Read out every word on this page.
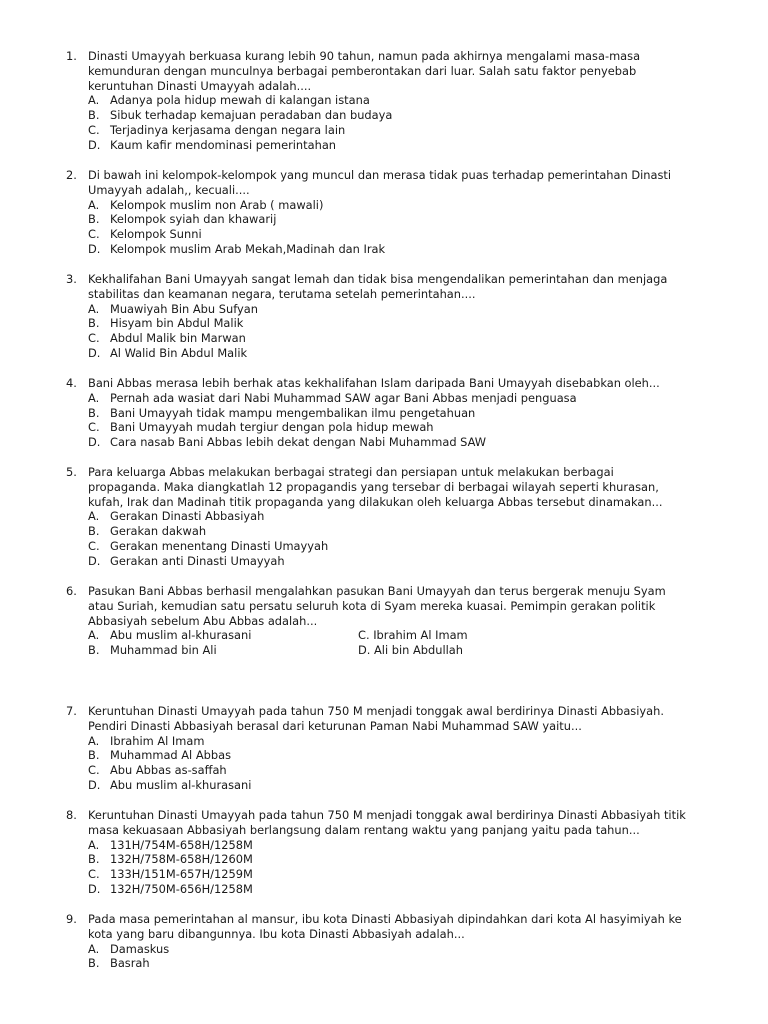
1. Dinasti Umayyah berkuasa kurang lebih 90 tahun, namun pada akhirnya mengalami masa-masa
kemunduran dengan munculnya berbagai pemberontakan dari luar. Salah satu faktor penyebab
keruntuhan Dinasti Umayyah adalah....
A. Adanya pola hidup mewah di kalangan istana
B. Sibuk terhadap kemajuan peradaban dan budaya
C. Terjadinya kerjasama dengan negara lain
D. Kaum kafir mendominasi pemerintahan
2. Di bawah ini kelompok-kelompok yang muncul dan merasa tidak puas terhadap pemerintahan Dinasti
Umayyah adalah,, kecuali....
A. Kelompok muslim non Arab ( mawali)
B. Kelompok syiah dan khawarij
C. Kelompok Sunni
D. Kelompok muslim Arab Mekah,Madinah dan Irak
3. Kekhalifahan Bani Umayyah sangat lemah dan tidak bisa mengendalikan pemerintahan dan menjaga
stabilitas dan keamanan negara, terutama setelah pemerintahan....
A. Muawiyah Bin Abu Sufyan
B. Hisyam bin Abdul Malik
C. Abdul Malik bin Marwan
D. Al Walid Bin Abdul Malik
4. Bani Abbas merasa lebih berhak atas kekhalifahan Islam daripada Bani Umayyah disebabkan oleh...
A. Pernah ada wasiat dari Nabi Muhammad SAW agar Bani Abbas menjadi penguasa
B. Bani Umayyah tidak mampu mengembalikan ilmu pengetahuan
C. Bani Umayyah mudah tergiur dengan pola hidup mewah
D. Cara nasab Bani Abbas lebih dekat dengan Nabi Muhammad SAW
5. Para keluarga Abbas melakukan berbagai strategi dan persiapan untuk melakukan berbagai
propaganda. Maka diangkatlah 12 propagandis yang tersebar di berbagai wilayah seperti khurasan,
kufah, Irak dan Madinah titik propaganda yang dilakukan oleh keluarga Abbas tersebut dinamakan...
A. Gerakan Dinasti Abbasiyah
B. Gerakan dakwah
C. Gerakan menentang Dinasti Umayyah
D. Gerakan anti Dinasti Umayyah
6. Pasukan Bani Abbas berhasil mengalahkan pasukan Bani Umayyah dan terus bergerak menuju Syam
atau Suriah, kemudian satu persatu seluruh kota di Syam mereka kuasai. Pemimpin gerakan politik
Abbasiyah sebelum Abu Abbas adalah...
A. Abu muslim al-khurasani	C. Ibrahim Al Imam
B. Muhammad bin Ali	D. Ali bin Abdullah
7. Keruntuhan Dinasti Umayyah pada tahun 750 M menjadi tonggak awal berdirinya Dinasti Abbasiyah.
Pendiri Dinasti Abbasiyah berasal dari keturunan Paman Nabi Muhammad SAW yaitu...
A. Ibrahim Al Imam
B. Muhammad Al Abbas
C. Abu Abbas as-saffah
D. Abu muslim al-khurasani
8. Keruntuhan Dinasti Umayyah pada tahun 750 M menjadi tonggak awal berdirinya Dinasti Abbasiyah titik
masa kekuasaan Abbasiyah berlangsung dalam rentang waktu yang panjang yaitu pada tahun...
A. 131H/754M-658H/1258M
B. 132H/758M-658H/1260M
C. 133H/151M-657H/1259M
D. 132H/750M-656H/1258M
9. Pada masa pemerintahan al mansur, ibu kota Dinasti Abbasiyah dipindahkan dari kota Al hasyimiyah ke
kota yang baru dibangunnya. Ibu kota Dinasti Abbasiyah adalah...
A. Damaskus
B. Basrah
